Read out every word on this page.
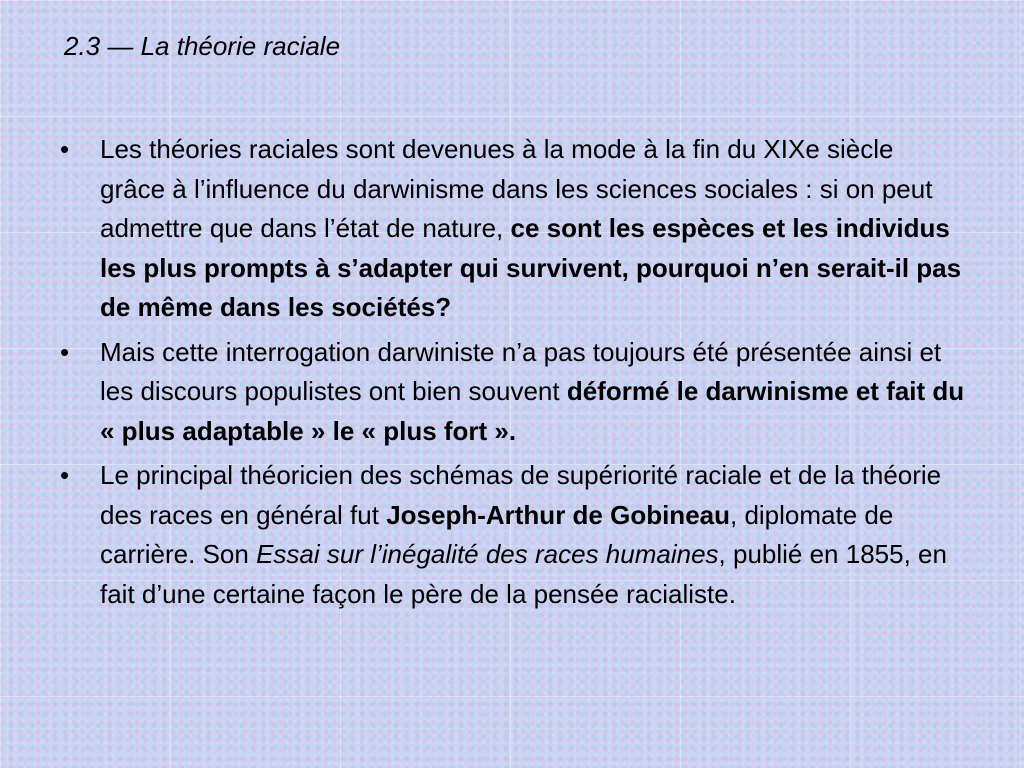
2.3 — La théorie raciale
• Les théories raciales sont devenues à la mode à la fin du XIXe siècle grâce à l’influence du darwinisme dans les sciences sociales : si on peut admettre que dans l’état de nature, ce sont les espèces et les individus les plus prompts à s’adapter qui survivent, pourquoi n’en serait-il pas de même dans les sociétés?
• Mais cette interrogation darwiniste n’a pas toujours été présentée ainsi et les discours populistes ont bien souvent déformé le darwinisme et fait du « plus adaptable » le « plus fort ».
• Le principal théoricien des schémas de supériorité raciale et de la théorie des races en général fut Joseph-Arthur de Gobineau, diplomate de carrière. Son Essai sur l’inégalité des races humaines, publié en 1855, en fait d’une certaine façon le père de la pensée racialiste.
